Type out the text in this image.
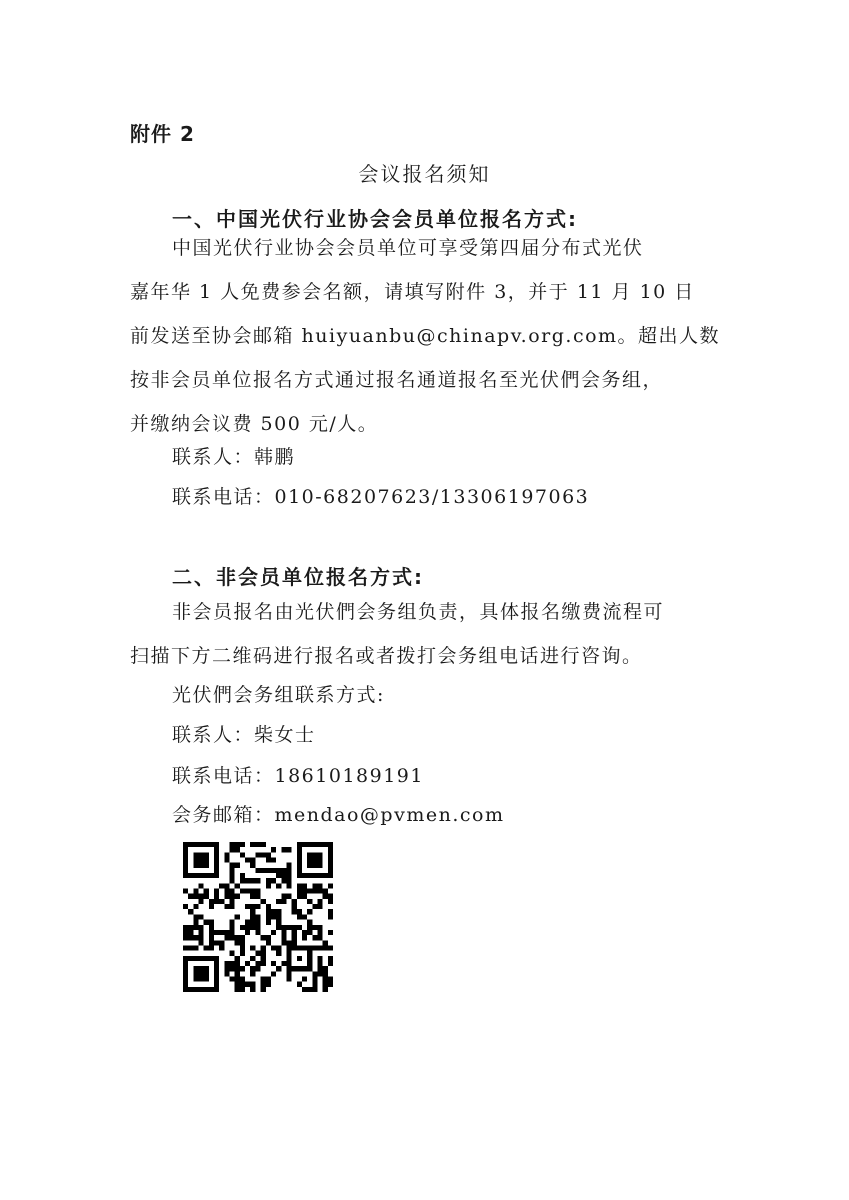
附件 2
会议报名须知
一、中国光伏行业协会会员单位报名方式:
中国光伏行业协会会员单位可享受第四届分布式光伏
嘉年华 1 人免费参会名额，请填写附件 3，并于 11 月 10 日
前发送至协会邮箱 huiyuanbu@chinapv.org.com。超出人数
按非会员单位报名方式通过报名通道报名至光伏們会务组，
并缴纳会议费 500 元/人。
联系人：韩鹏
联系电话：010-68207623/13306197063
二、非会员单位报名方式:
非会员报名由光伏們会务组负责，具体报名缴费流程可
扫描下方二维码进行报名或者拨打会务组电话进行咨询。
光伏們会务组联系方式:
联系人：柴女士
联系电话：18610189191
会务邮箱：mendao@pvmen.com
